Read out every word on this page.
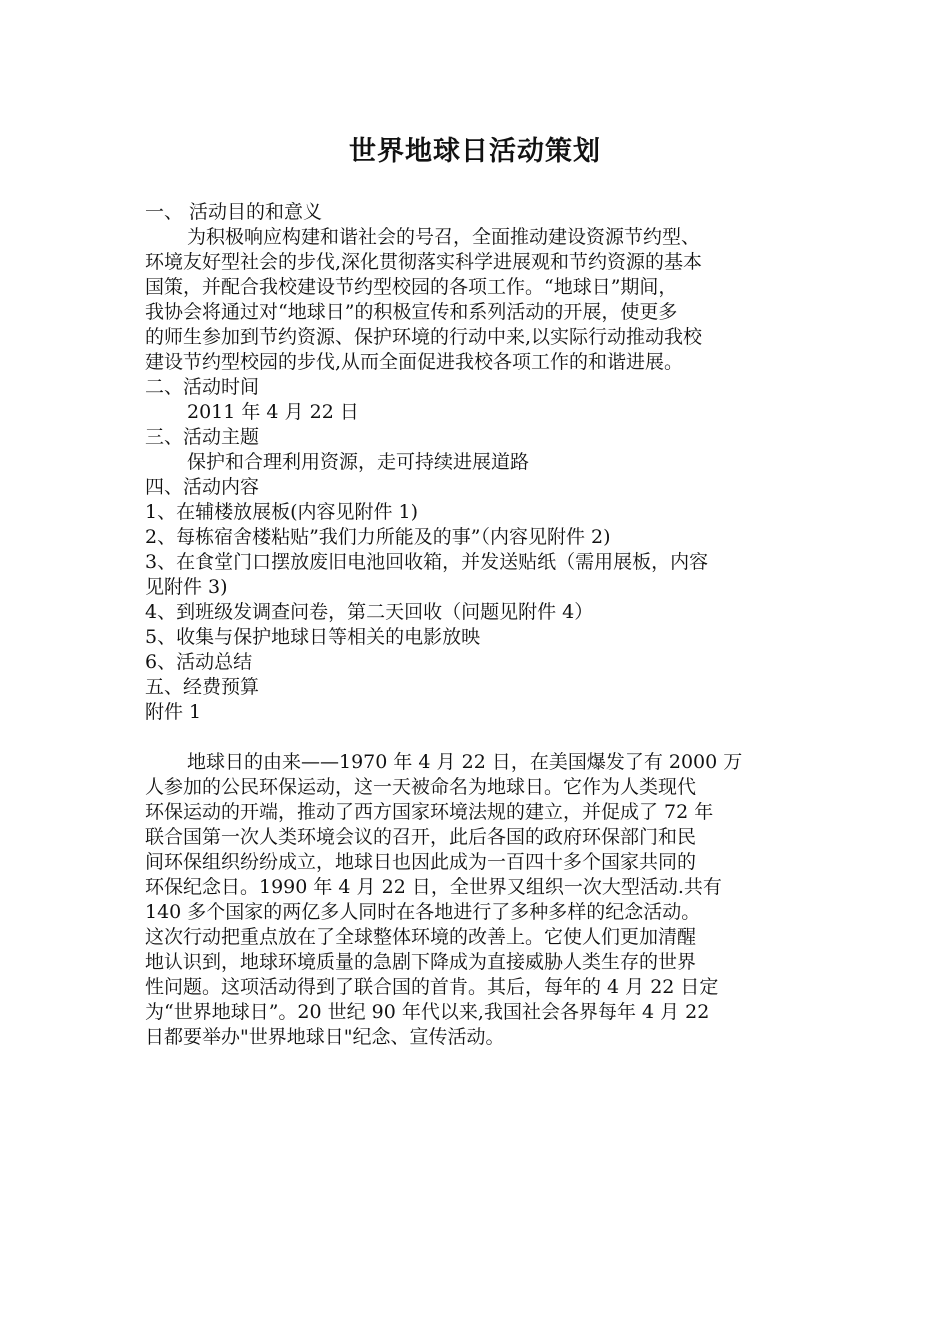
世界地球日活动策划
一、 活动目的和意义
为积极响应构建和谐社会的号召，全面推动建设资源节约型、
环境友好型社会的步伐,深化贯彻落实科学进展观和节约资源的基本
国策，并配合我校建设节约型校园的各项工作。“地球日”期间，
我协会将通过对“地球日”的积极宣传和系列活动的开展，使更多
的师生参加到节约资源、保护环境的行动中来,以实际行动推动我校
建设节约型校园的步伐,从而全面促进我校各项工作的和谐进展。
二、活动时间
2011 年 4 月 22 日
三、活动主题
保护和合理利用资源，走可持续进展道路
四、活动内容
1、在辅楼放展板(内容见附件 1)
2、每栋宿舍楼粘贴”我们力所能及的事”（内容见附件 2)
3、在食堂门口摆放废旧电池回收箱，并发送贴纸（需用展板，内容
见附件 3)
4、到班级发调查问卷，第二天回收（问题见附件 4）
5、收集与保护地球日等相关的电影放映
6、活动总结
五、经费预算
附件 1
地球日的由来——1970 年 4 月 22 日，在美国爆发了有 2000 万
人参加的公民环保运动，这一天被命名为地球日。它作为人类现代
环保运动的开端，推动了西方国家环境法规的建立，并促成了 72 年
联合国第一次人类环境会议的召开，此后各国的政府环保部门和民
间环保组织纷纷成立，地球日也因此成为一百四十多个国家共同的
环保纪念日。1990 年 4 月 22 日，全世界又组织一次大型活动.共有
140 多个国家的两亿多人同时在各地进行了多种多样的纪念活动。
这次行动把重点放在了全球整体环境的改善上。它使人们更加清醒
地认识到，地球环境质量的急剧下降成为直接威胁人类生存的世界
性问题。这项活动得到了联合国的首肯。其后，每年的 4 月 22 日定
为“世界地球日”。20 世纪 90 年代以来,我国社会各界每年 4 月 22
日都要举办"世界地球日"纪念、宣传活动。
